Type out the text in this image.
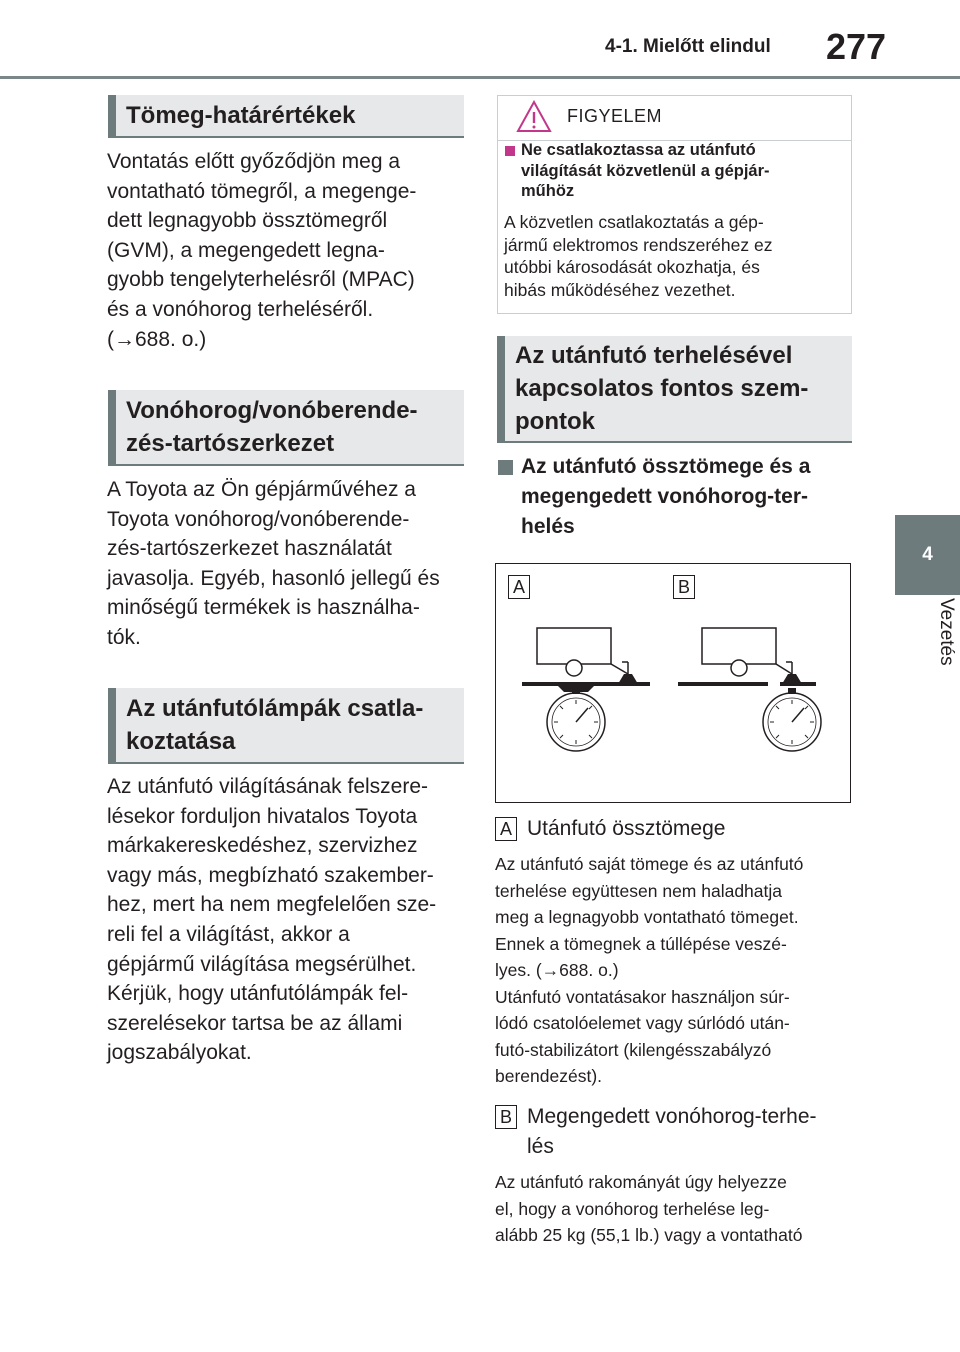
4-1. Mielőtt elindul 277
4
Vezetés
Tömeg-határértékek
Vontatás előtt győződjön meg a
vontatható tömegről, a megenge-
dett legnagyobb össztömegről
(GVM), a megengedett legna-
gyobb tengelyterhelésről (MPAC)
és a vonóhorog terheléséről.
(→688. o.)
Vonóhorog/vonóberende-
zés-tartószerkezet
A Toyota az Ön gépjárművéhez a
Toyota vonóhorog/vonóberende-
zés-tartószerkezet használatát
javasolja. Egyéb, hasonló jellegű és
minőségű termékek is használha-
tók.
Az utánfutólámpák csatla-
koztatása
Az utánfutó világításának felszere-
lésekor forduljon hivatalos Toyota
márkakereskedéshez, szervizhez
vagy más, megbízható szakember-
hez, mert ha nem megfelelően sze-
reli fel a világítást, akkor a
gépjármű világítása megsérülhet.
Kérjük, hogy utánfutólámpák fel-
szerelésekor tartsa be az állami
jogszabályokat.
FIGYELEM
Ne csatlakoztassa az utánfutó
világítását közvetlenül a gépjár-
műhöz
A közvetlen csatlakoztatás a gép-
jármű elektromos rendszeréhez ez
utóbbi károsodását okozhatja, és
hibás működéséhez vezethet.
Az utánfutó terhelésével
kapcsolatos fontos szem-
pontok
Az utánfutó össztömege és a
megengedett vonóhorog-ter-
helés
A	B
A Utánfutó össztömege
Az utánfutó saját tömege és az utánfutó
terhelése együttesen nem haladhatja
meg a legnagyobb vontatható tömeget.
Ennek a tömegnek a túllépése veszé-
lyes. (→688. o.)
Utánfutó vontatásakor használjon súr-
lódó csatolóelemet vagy súrlódó után-
futó-stabilizátort (kilengésszabályzó
berendezést).
B Megengedett vonóhorog-terhe-
lés
Az utánfutó rakományát úgy helyezze
el, hogy a vonóhorog terhelése leg-
alább 25 kg (55,1 lb.) vagy a vontatható
